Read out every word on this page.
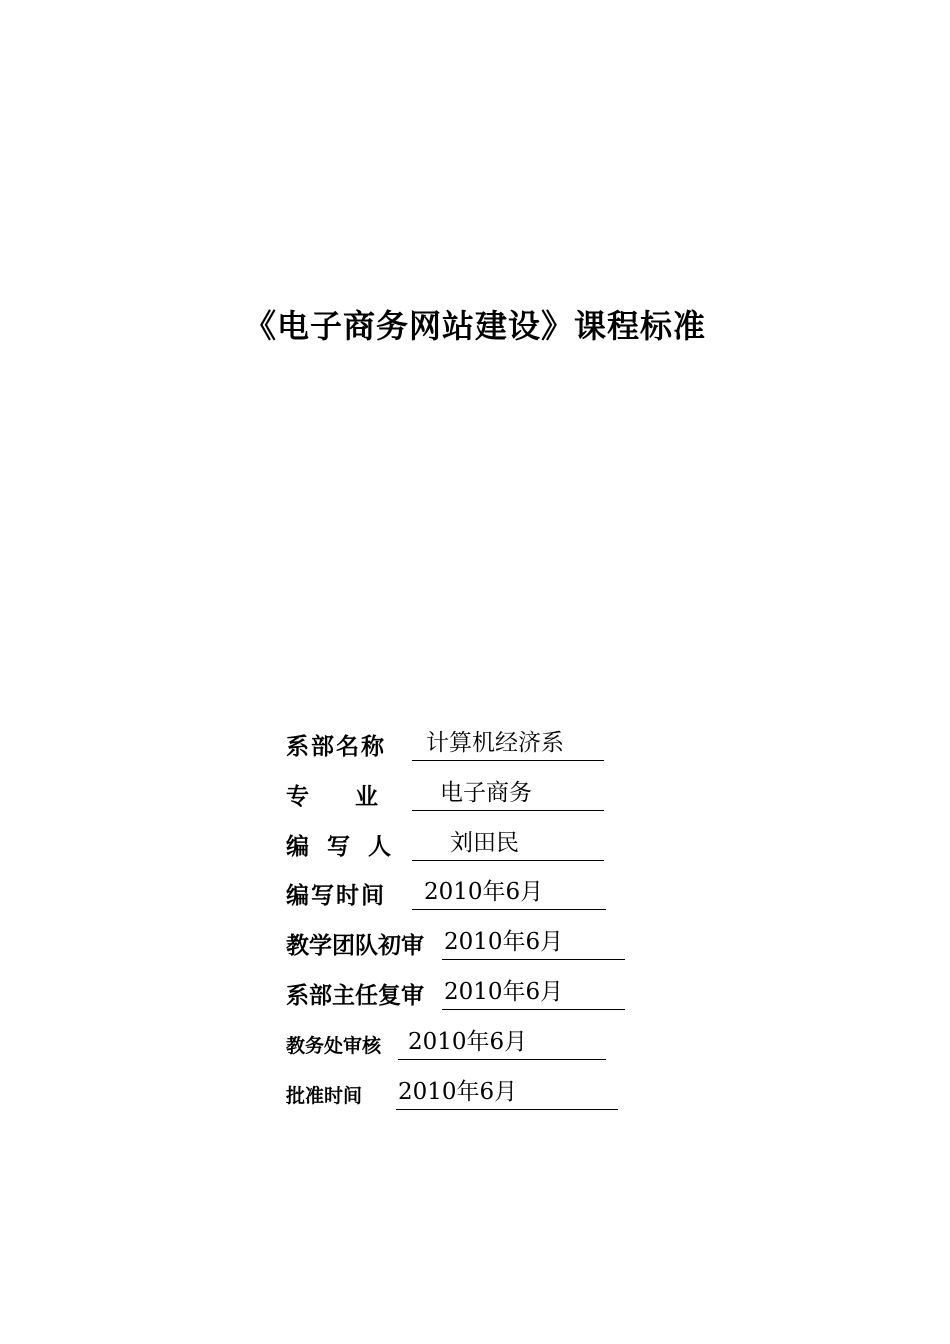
《电子商务网站建设》课程标准
系部名称

计算机经济系

专　　业

	电子商务

编 写 人

刘田民

编写时间

2010年6月

教学团队初审

2010年6月

系部主任复审

2010年6月

教务处审核

2010年6月

批准时间

2010年6月
